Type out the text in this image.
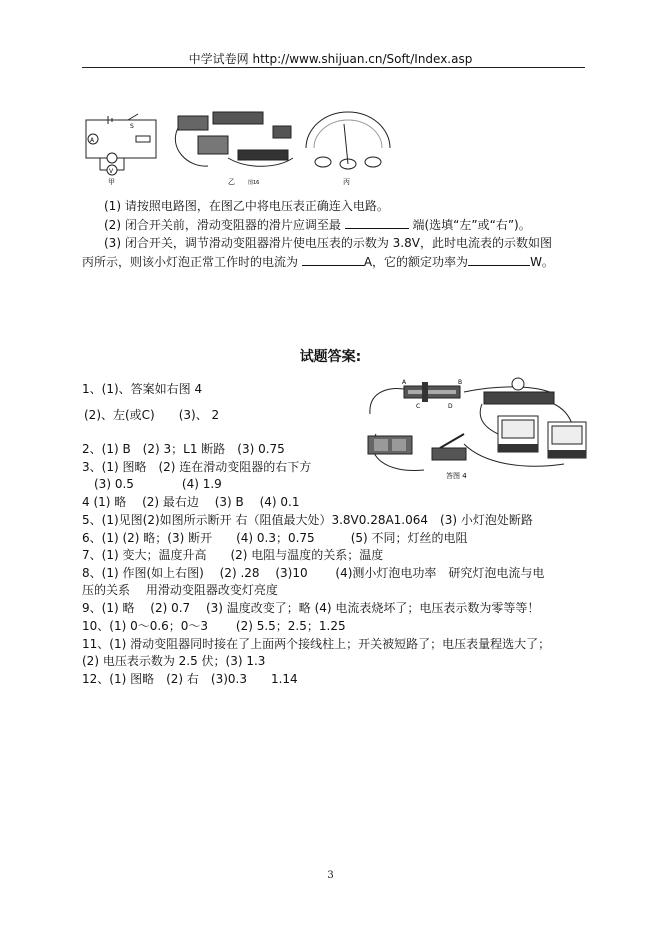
中学试卷网 http://www.shijuan.cn/Soft/Index.asp
A
V
S
甲	乙	图16	丙
(1) 请按照电路图，在图乙中将电压表正确连入电路。
(2) 闭合开关前，滑动变阻器的滑片应调至最	端(选填“左”或“右”)。
(3) 闭合开关，调节滑动变阻器滑片使电压表的示数为 3.8V，此时电流表的示数如图
丙所示，则该小灯泡正常工作时的电流为	A，它的额定功率为	W。
试题答案:
A	B
C	D
答图 4
1、(1)、答案如右图 4
(2)、左(或C)　　(3)、 2
2、(1) B　(2) 3；L1 断路　(3) 0.75
3、(1) 图略　(2) 连在滑动变阻器的右下方
(3) 0.5　　　　(4) 1.9
4 (1) 略　 (2) 最右边　 (3) B　 (4) 0.1
5、(1)见图(2)如图所示断开 右（阻值最大处）3.8V0.28A1.064　(3) 小灯泡处断路
6、(1) (2) 略；(3) 断开　　(4) 0.3；0.75　　　(5) 不同；灯丝的电阻
7、(1) 变大；温度升高　　(2) 电阻与温度的关系；温度
8、(1) 作图(如上右图)　 (2) .28　 (3)10　　 (4)测小灯泡电功率　研究灯泡电流与电
压的关系　 用滑动变阻器改变灯亮度
9、(1) 略　 (2) 0.7　 (3) 温度改变了；略 (4) 电流表烧坏了；电压表示数为零等等！
10、(1) 0～0.6；0～3　　 (2) 5.5；2.5；1.25
11、(1) 滑动变阻器同时接在了上面两个接线柱上；开关被短路了；电压表量程选大了；
(2) 电压表示数为 2.5 伏；(3) 1.3
12、(1) 图略　(2) 右　(3)0.3　　1.14
3
